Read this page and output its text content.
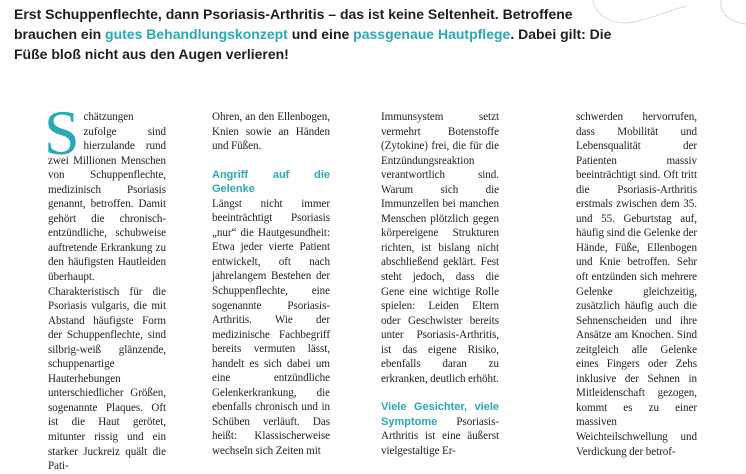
Erst Schuppenflechte, dann Psoriasis-Arthritis – das ist keine Seltenheit. Betroffene brauchen ein gutes Behandlungskonzept und eine passgenaue Hautpflege. Dabei gilt: Die Füße bloß nicht aus den Augen verlieren!

Schätzungen zufolge sind hierzulande rund zwei Millionen Menschen von Schuppenflechte, medizinisch Psoriasis genannt, betroffen. Damit gehört die chronisch-entzündliche, schubweise auftretende Erkrankung zu den häufigsten Hautleiden überhaupt. Charakteristisch für die Psoriasis vulgaris, die mit Abstand häufigste Form der Schuppenflechte, sind silbrig-weiß glänzende, schuppenartige Hauterhebungen unterschiedlicher Größen, sogenannte Plaques. Oft ist die Haut gerötet, mitunter rissig und ein starker Juckreiz quält die Pati-

Ohren, an den Ellenbogen, Knien sowie an Händen und Füßen.

Angriff auf die Gelenke

Längst nicht immer beeinträchtigt Psoriasis „nur“ die Hautgesundheit: Etwa jeder vierte Patient entwickelt, oft nach jahrelangem Bestehen der Schuppenflechte, eine sogenannte Psoriasis-Arthritis. Wie der medizinische Fachbegriff bereits vermuten lässt, handelt es sich dabei um eine entzündliche Gelenkerkrankung, die ebenfalls chronisch und in Schüben verläuft. Das heißt: Klassischerweise wechseln sich Zeiten mit

Immunsystem setzt vermehrt Botenstoffe (Zytokine) frei, die für die Entzündungsreaktion verantwortlich sind. Warum sich die Immunzellen bei manchen Menschen plötzlich gegen körpereigene Strukturen richten, ist bislang nicht abschließend geklärt. Fest steht jedoch, dass die Gene eine wichtige Rolle spielen: Leiden Eltern oder Geschwister bereits unter Psoriasis-Arthritis, ist das eigene Risiko, ebenfalls daran zu erkranken, deutlich erhöht.

Viele Gesichter, viele Symptome Psoriasis-Arthritis ist eine äußerst vielgestaltige Er-

schwerden hervorrufen, dass Mobilität und Lebensqualität der Patienten massiv beeinträchtigt sind. Oft tritt die Psoriasis-Arthritis erstmals zwischen dem 35. und 55. Geburtstag auf, häufig sind die Gelenke der Hände, Füße, Ellenbogen und Knie betroffen. Sehr oft entzünden sich mehrere Gelenke gleichzeitig, zusätzlich häufig auch die Sehnenscheiden und ihre Ansätze am Knochen. Sind zeitgleich alle Gelenke eines Fingers oder Zehs inklusive der Sehnen in Mitleidenschaft gezogen, kommt es zu einer massiven Weichteilschwellung und Verdickung der betrof-
